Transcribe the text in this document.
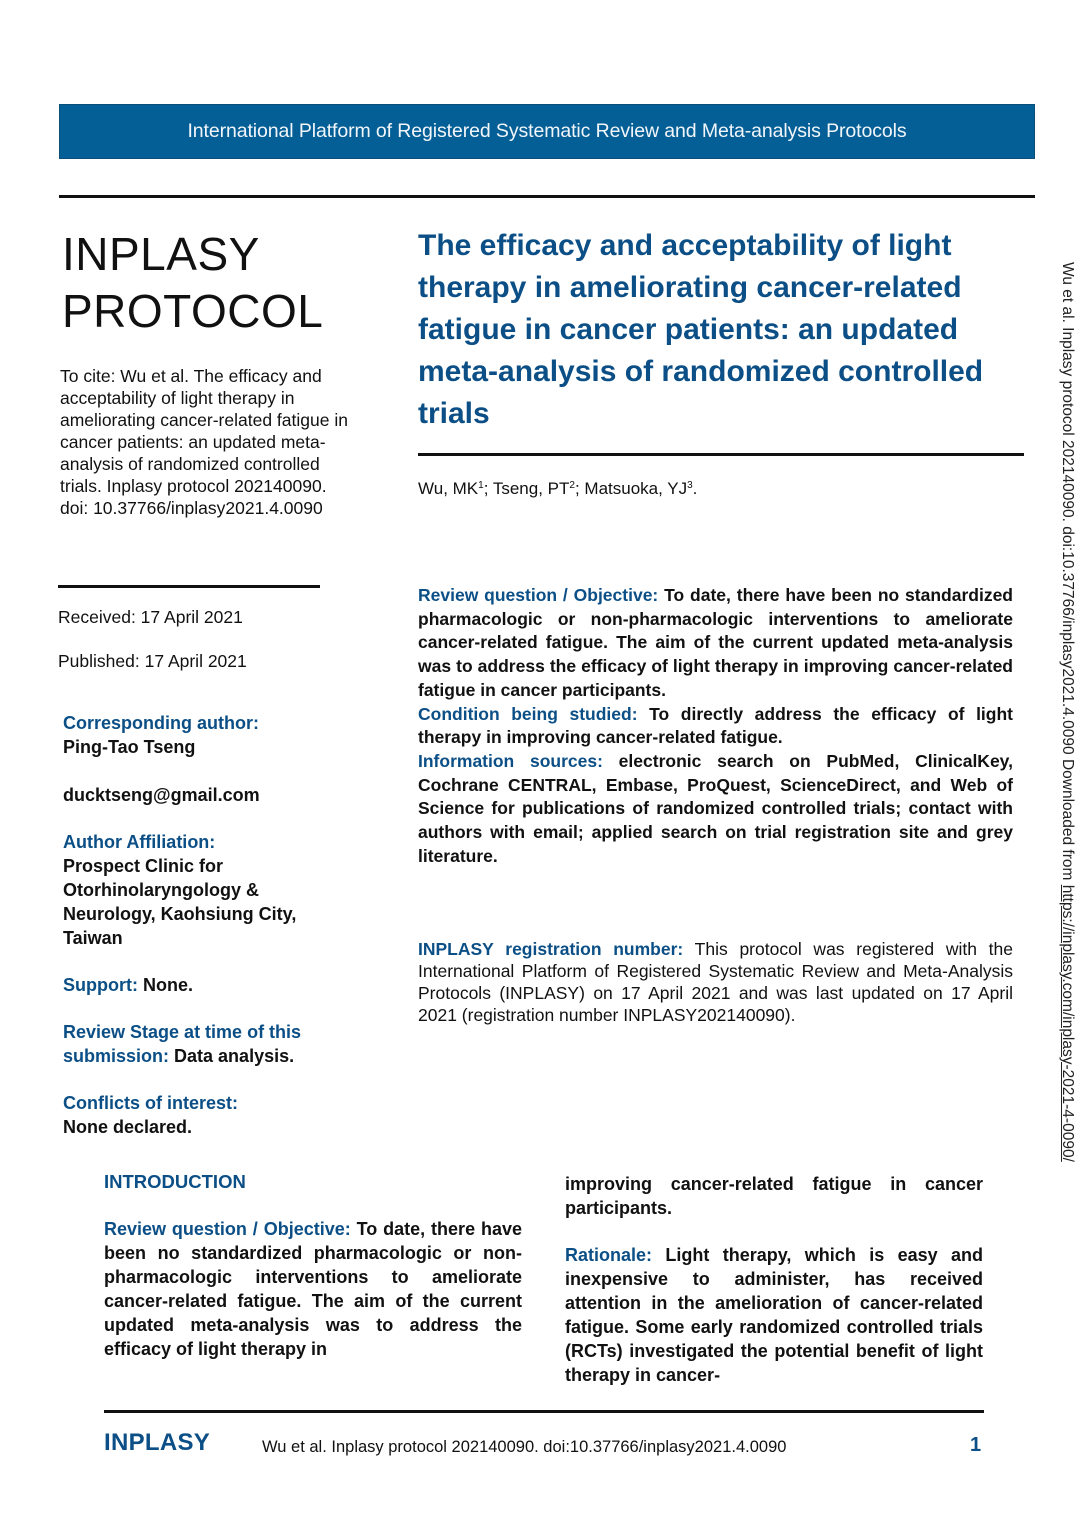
International Platform of Registered Systematic Review and Meta-analysis Protocols
INPLASY
PROTOCOL
To cite: Wu et al. The efficacy and acceptability of light therapy in ameliorating cancer-related fatigue in cancer patients: an updated meta-analysis of randomized controlled trials. Inplasy protocol 202140090. doi: 10.37766/inplasy2021.4.0090
Received: 17 April 2021
Published: 17 April 2021
Corresponding author:
Ping-Tao Tseng
ducktseng@gmail.com
Author Affiliation:
Prospect Clinic for Otorhinolaryngology & Neurology, Kaohsiung City, Taiwan
Support: None.
Review Stage at time of this submission: Data analysis.
Conflicts of interest:
None declared.
The efficacy and acceptability of light therapy in ameliorating cancer-related fatigue in cancer patients: an updated meta-analysis of randomized controlled trials
Wu, $MK^1$; Tseng, $PT^2$; Matsuoka, $YJ^3$.
Review question / Objective: To date, there have been no standardized pharmacologic or non-pharmacologic interventions to ameliorate cancer-related fatigue. The aim of the current updated meta-analysis was to address the efficacy of light therapy in improving cancer-related fatigue in cancer participants.
Condition being studied: To directly address the efficacy of light therapy in improving cancer-related fatigue.
Information sources: electronic search on PubMed, ClinicalKey, Cochrane CENTRAL, Embase, ProQuest, ScienceDirect, and Web of Science for publications of randomized controlled trials; contact with authors with email; applied search on trial registration site and grey literature.
INPLASY registration number: This protocol was registered with the International Platform of Registered Systematic Review and Meta-Analysis Protocols (INPLASY) on 17 April 2021 and was last updated on 17 April 2021 (registration number INPLASY202140090).
INTRODUCTION
Review question / Objective: To date, there have been no standardized pharmacologic or non-pharmacologic interventions to ameliorate cancer-related fatigue. The aim of the current updated meta-analysis was to address the efficacy of light therapy in
improving cancer-related fatigue in cancer participants.
Rationale: Light therapy, which is easy and inexpensive to administer, has received attention in the amelioration of cancer-related fatigue. Some early randomized controlled trials (RCTs) investigated the potential benefit of light therapy in cancer-
INPLASY	Wu et al. Inplasy protocol 202140090. doi:10.37766/inplasy2021.4.0090	1
Wu et al. Inplasy protocol 202140090. doi:10.37766/inplasy2021.4.0090 Downloaded from https://inplasy.com/inplasy-2021-4-0090/
